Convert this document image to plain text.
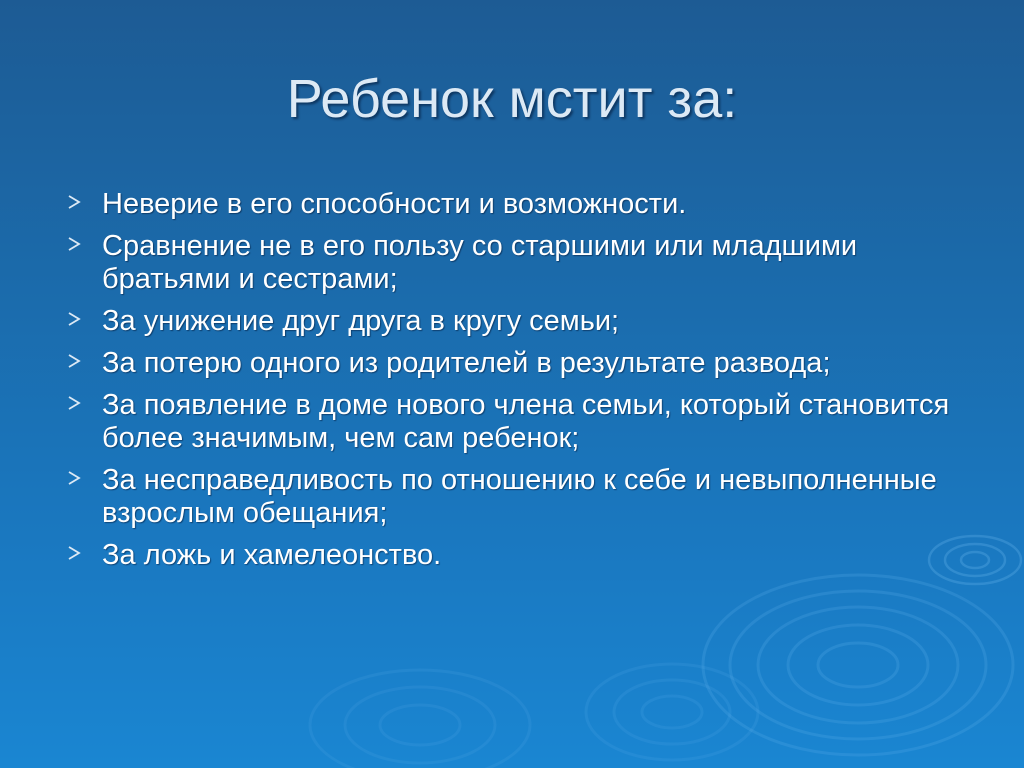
Ребенок мстит за:
Неверие в его способности и возможности.
Сравнение не в его пользу со старшими или младшими братьями и сестрами;
За унижение друг друга в кругу семьи;
За потерю одного из родителей в результате развода;
За появление в доме нового члена семьи, который становится более значимым, чем сам ребенок;
За несправедливость по отношению к себе и невыполненные взрослым обещания;
За ложь и хамелеонство.
